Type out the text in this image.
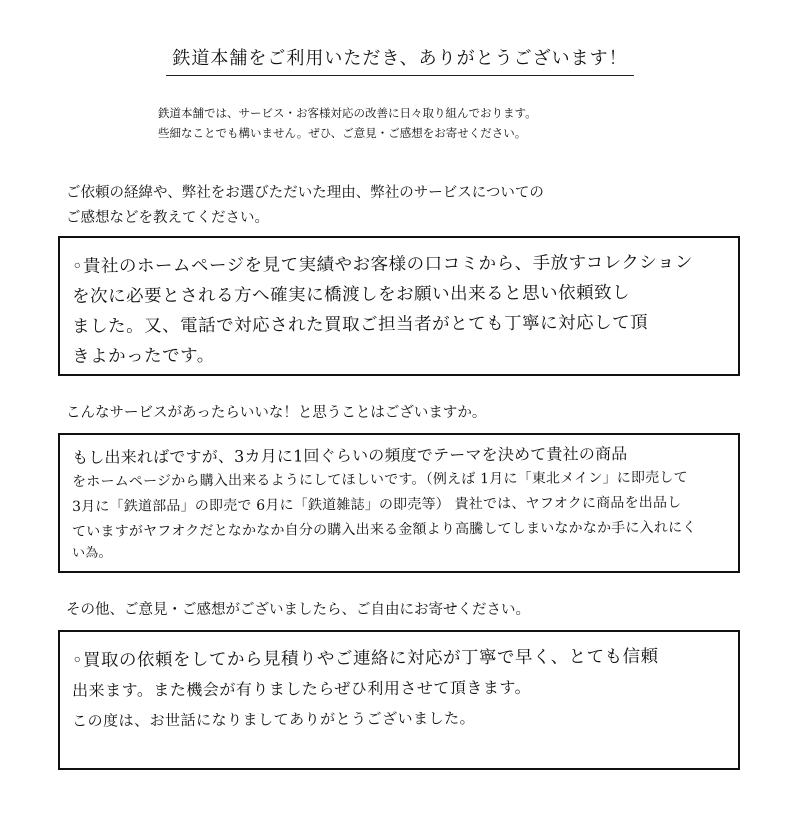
鉄道本舗をご利用いただき、ありがとうございます！
鉄道本舗では、サービス・お客様対応の改善に日々取り組んでおります。
些細なことでも構いません。ぜひ、ご意見・ご感想をお寄せください。
ご依頼の経緯や、弊社をお選びただいた理由、弊社のサービスについての
ご感想などを教えてください。
◦貴社のホームページを見て実績やお客様の口コミから、手放すコレクション
を次に必要とされる方へ確実に橋渡しをお願い出来ると思い依頼致し
ました。又、電話で対応された買取ご担当者がとても丁寧に対応して頂
きよかったです。
こんなサービスがあったらいいな！と思うことはございますか。
もし出来ればですが、3カ月に1回ぐらいの頻度でテーマを決めて貴社の商品
をホームページから購入出来るようにしてほしいです。（例えば 1月に「東北メイン」に即売して
3月に「鉄道部品」の即売で 6月に「鉄道雑誌」の即売等） 貴社では、ヤフオクに商品を出品し
ていますがヤフオクだとなかなか自分の購入出来る金額より高騰してしまいなかなか手に入れにく
い為。
その他、ご意見・ご感想がございましたら、ご自由にお寄せください。
◦買取の依頼をしてから見積りやご連絡に対応が丁寧で早く、とても信頼
出来ます。また機会が有りましたらぜひ利用させて頂きます。
この度は、お世話になりましてありがとうございました。
